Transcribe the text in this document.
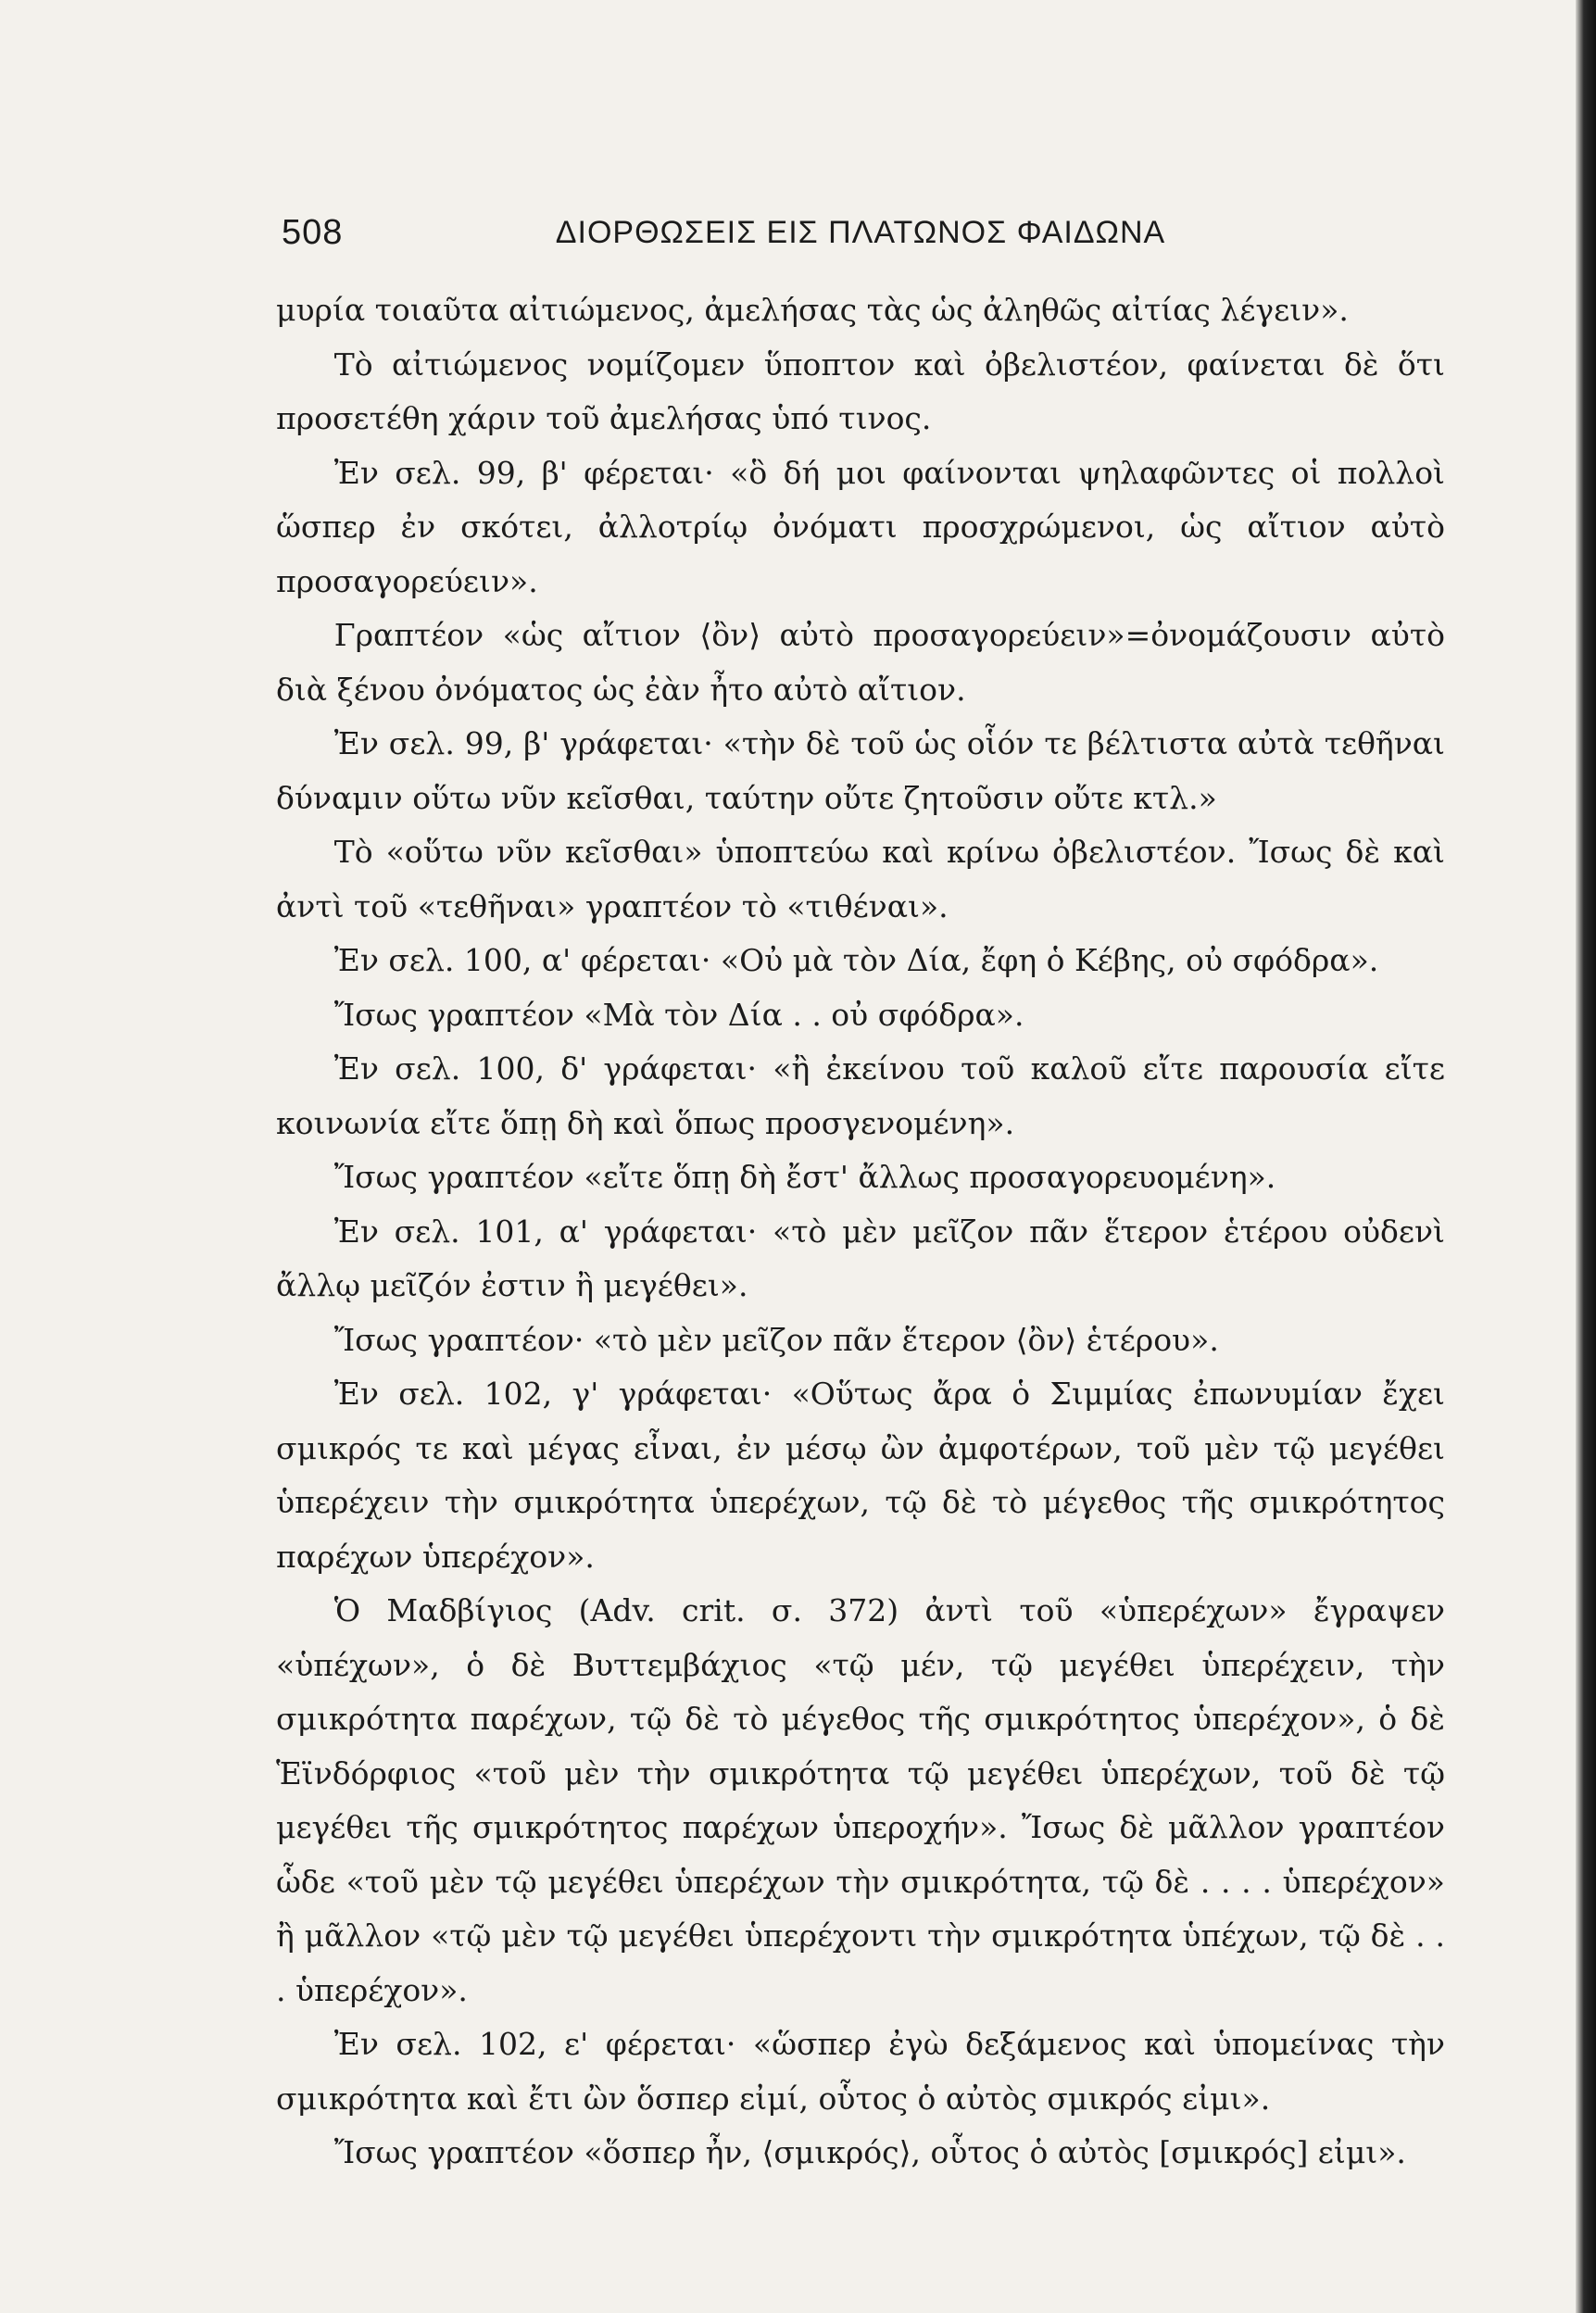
508	ΔΙΟΡΘΩΣΕΙΣ ΕΙΣ ΠΛΑΤΩΝΟΣ ΦΑΙΔΩΝΑ

μυρία τοιαῦτα αἰτιώμενος, ἀμελήσας τὰς ὡς ἀληθῶς αἰτίας λέγειν».

Τὸ αἰτιώμενος νομίζομεν ὕποπτον καὶ ὀβελιστέον, φαίνεται δὲ ὅτι προσετέθη χάριν τοῦ ἀμελήσας ὑπό τινος.

Ἐν σελ. 99, β' φέρεται· «ὃ δή μοι φαίνονται ψηλαφῶντες οἱ πολλοὶ ὥσπερ ἐν σκότει, ἀλλοτρίῳ ὀνόματι προσχρώμενοι, ὡς αἴτιον αὐτὸ προσαγορεύειν».

Γραπτέον «ὡς αἴτιον ⟨ὂν⟩ αὐτὸ προσαγορεύειν»=ὀνομάζουσιν αὐτὸ διὰ ξένου ὀνόματος ὡς ἐὰν ἦτο αὐτὸ αἴτιον.

Ἐν σελ. 99, β' γράφεται· «τὴν δὲ τοῦ ὡς οἷόν τε βέλτιστα αὐτὰ τεθῆναι δύναμιν οὕτω νῦν κεῖσθαι, ταύτην οὔτε ζητοῦσιν οὔτε κτλ.»

Τὸ «οὕτω νῦν κεῖσθαι» ὑποπτεύω καὶ κρίνω ὀβελιστέον. Ἴσως δὲ καὶ ἀντὶ τοῦ «τεθῆναι» γραπτέον τὸ «τιθέναι».

Ἐν σελ. 100, α' φέρεται· «Οὐ μὰ τὸν Δία, ἔφη ὁ Κέβης, οὐ σφόδρα».

Ἴσως γραπτέον «Μὰ τὸν Δία . . οὐ σφόδρα».

Ἐν σελ. 100, δ' γράφεται· «ἢ ἐκείνου τοῦ καλοῦ εἴτε παρουσία εἴτε κοινωνία εἴτε ὅπῃ δὴ καὶ ὅπως προσγενομένη».

Ἴσως γραπτέον «εἴτε ὅπῃ δὴ ἔστ' ἄλλως προσαγορευομένη».

Ἐν σελ. 101, α' γράφεται· «τὸ μὲν μεῖζον πᾶν ἕτερον ἑτέρου οὐδενὶ ἄλλῳ μεῖζόν ἐστιν ἢ μεγέθει».

Ἴσως γραπτέον· «τὸ μὲν μεῖζον πᾶν ἕτερον ⟨ὂν⟩ ἑτέρου».

Ἐν σελ. 102, γ' γράφεται· «Οὕτως ἄρα ὁ Σιμμίας ἐπωνυμίαν ἔχει σμικρός τε καὶ μέγας εἶναι, ἐν μέσῳ ὢν ἀμφοτέρων, τοῦ μὲν τῷ μεγέθει ὑπερέχειν τὴν σμικρότητα ὑπερέχων, τῷ δὲ τὸ μέγεθος τῆς σμικρότητος παρέχων ὑπερέχον».

Ὁ Μαδβίγιος (Adv. crit. σ. 372) ἀντὶ τοῦ «ὑπερέχων» ἔγραψεν «ὑπέχων», ὁ δὲ Βυττεμβάχιος «τῷ μέν, τῷ μεγέθει ὑπερέχειν, τὴν σμικρότητα παρέχων, τῷ δὲ τὸ μέγεθος τῆς σμικρότητος ὑπερέχον», ὁ δὲ Ἑϊνδόρφιος «τοῦ μὲν τὴν σμικρότητα τῷ μεγέθει ὑπερέχων, τοῦ δὲ τῷ μεγέθει τῆς σμικρότητος παρέχων ὑπεροχήν». Ἴσως δὲ μᾶλλον γραπτέον ὧδε «τοῦ μὲν τῷ μεγέθει ὑπερέχων τὴν σμικρότητα, τῷ δὲ . . . . ὑπερέχον» ἢ μᾶλλον «τῷ μὲν τῷ μεγέθει ὑπερέχοντι τὴν σμικρότητα ὑπέχων, τῷ δὲ . . . ὑπερέχον».

Ἐν σελ. 102, ε' φέρεται· «ὥσπερ ἐγὼ δεξάμενος καὶ ὑπομείνας τὴν σμικρότητα καὶ ἔτι ὢν ὅσπερ εἰμί, οὗτος ὁ αὐτὸς σμικρός εἰμι».

Ἴσως γραπτέον «ὅσπερ ἦν, ⟨σμικρός⟩, οὗτος ὁ αὐτὸς [σμικρός] εἰμι».
